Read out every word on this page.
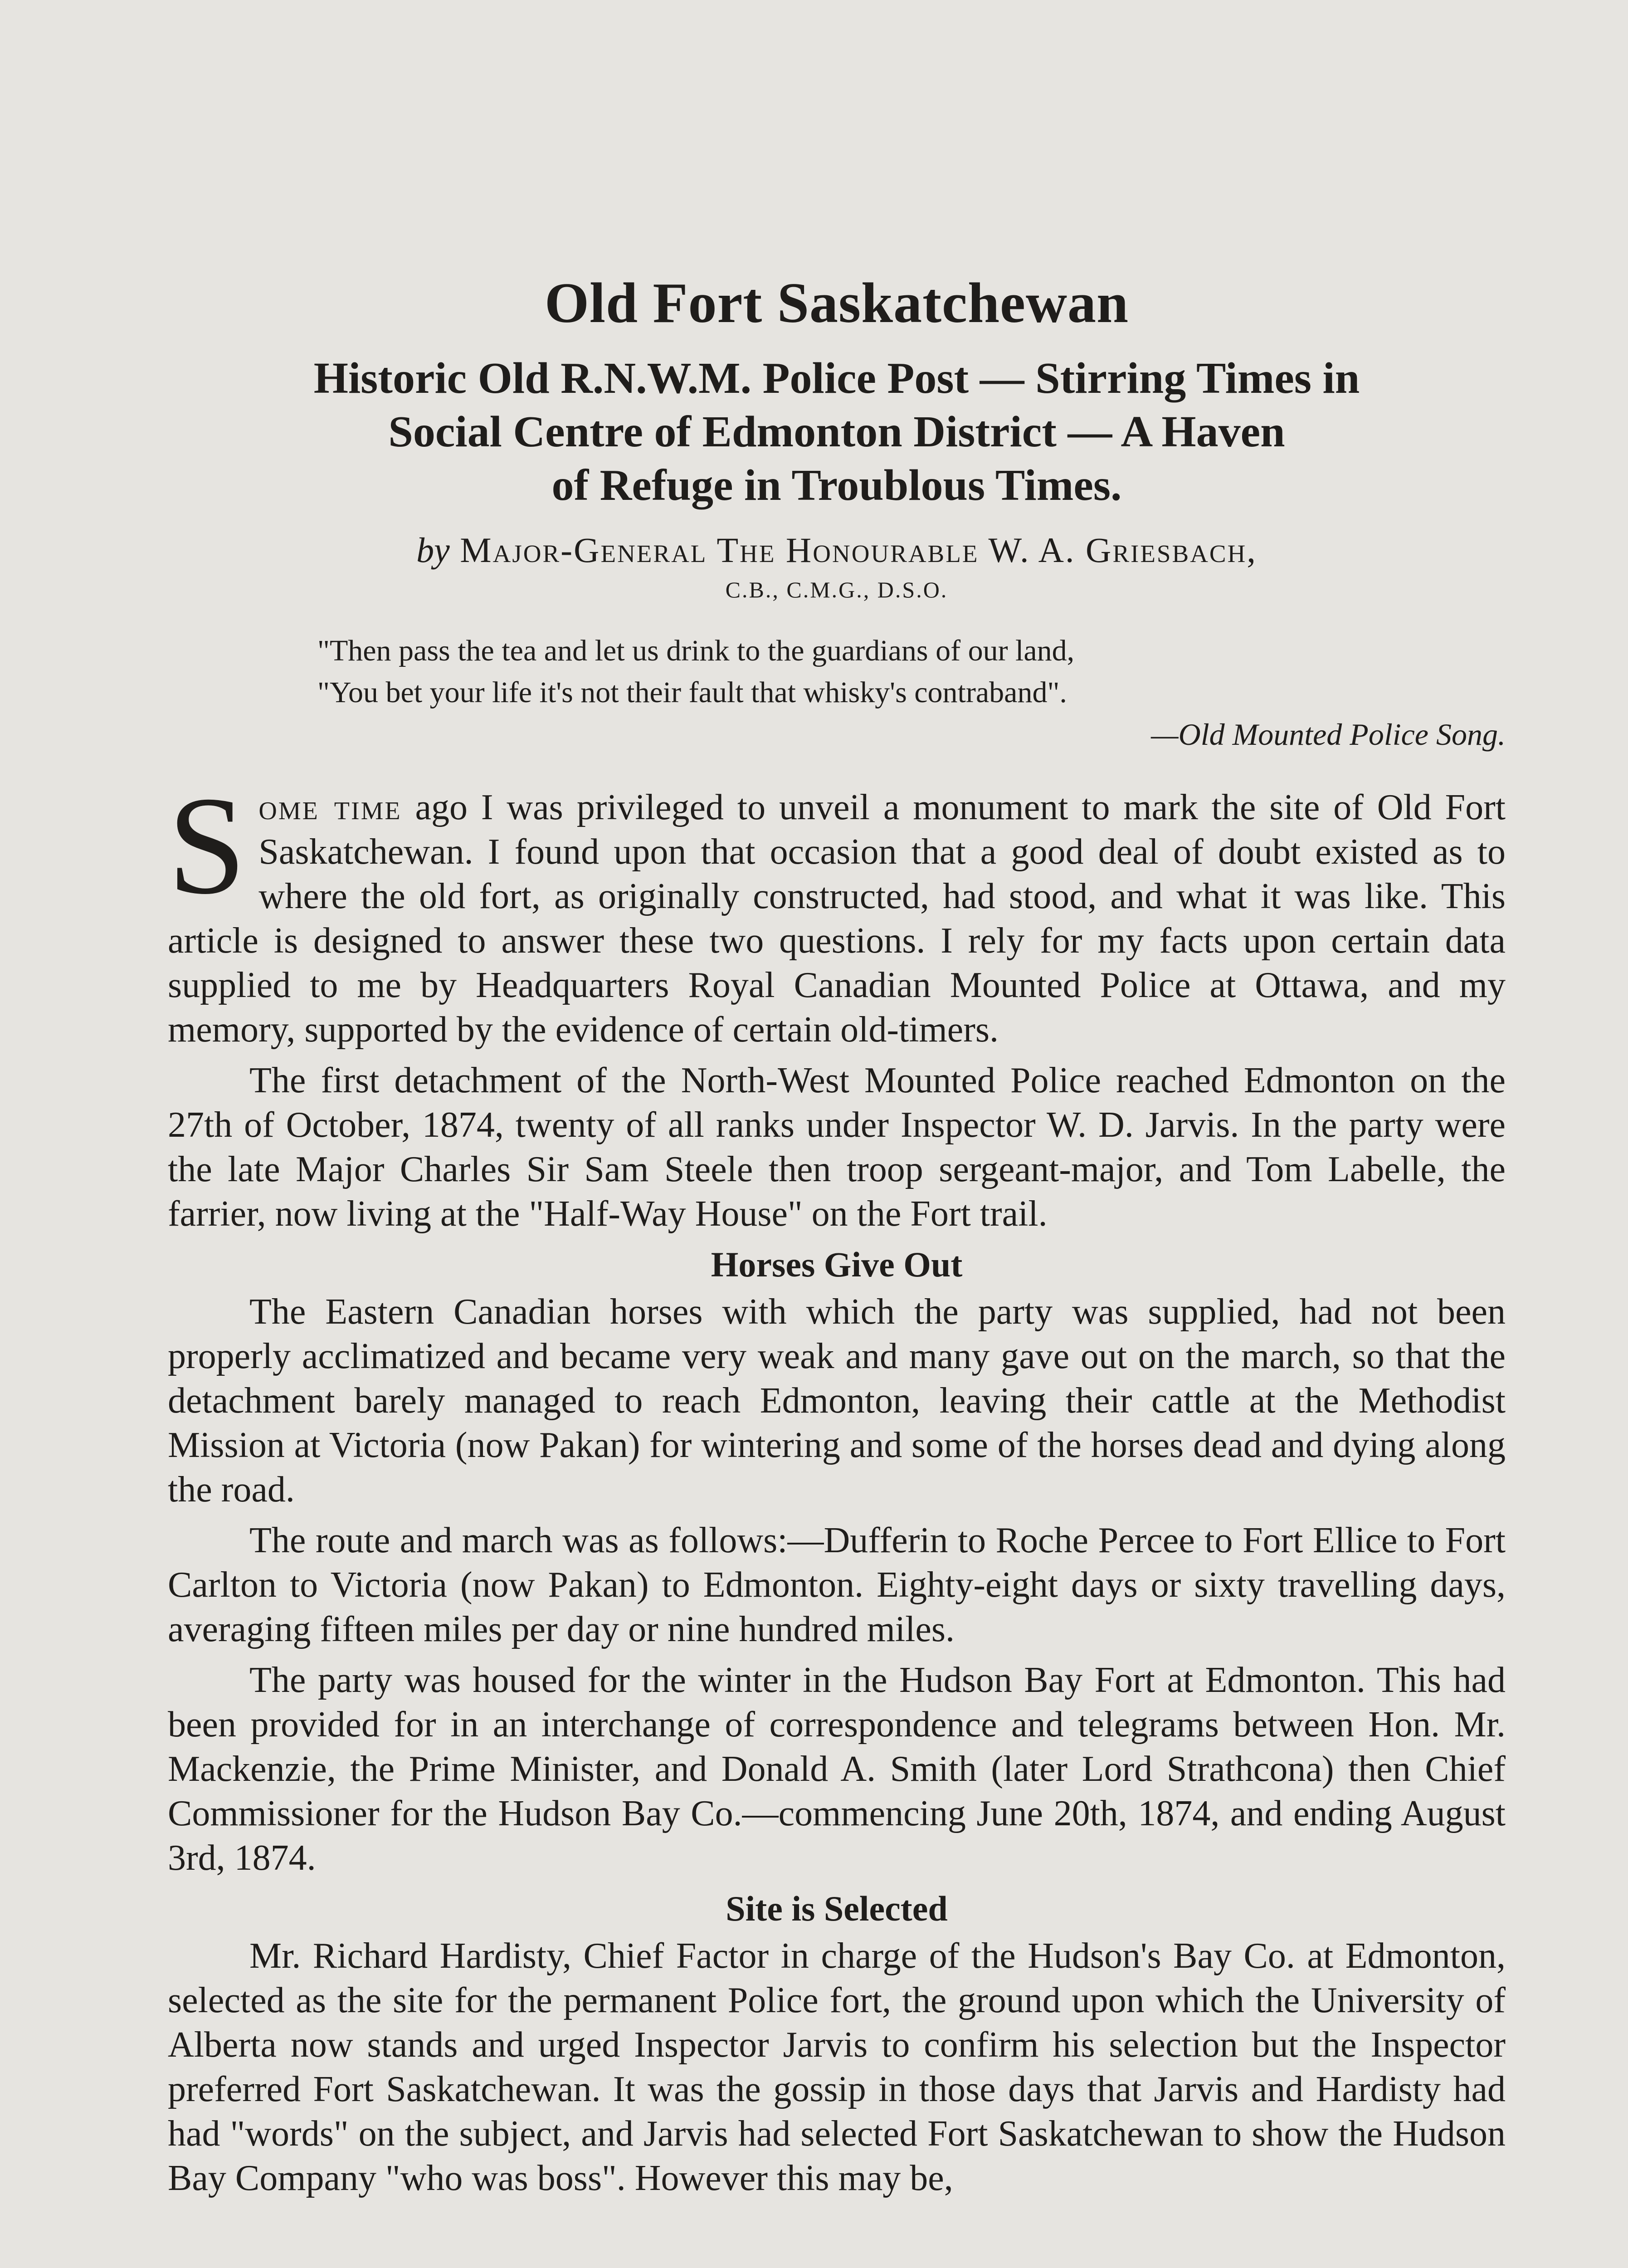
Old Fort Saskatchewan
Historic Old R.N.W.M. Police Post — Stirring Times in
Social Centre of Edmonton District — A Haven
of Refuge in Troublous Times.

by Major-General The Honourable W. A. Griesbach,

C.B., C.M.G., D.S.O.

"Then pass the tea and let us drink to the guardians of our land,

"You bet your life it's not their fault that whisky's contraband".

—Old Mounted Police Song.

Some time ago I was privileged to unveil a monument to mark the site of Old Fort Saskatchewan. I found upon that occasion that a good deal of doubt existed as to where the old fort, as originally constructed, had stood, and what it was like. This article is designed to answer these two questions. I rely for my facts upon certain data supplied to me by Headquarters Royal Canadian Mounted Police at Ottawa, and my memory, supported by the evidence of certain old-timers.

The first detachment of the North-West Mounted Police reached Edmonton on the 27th of October, 1874, twenty of all ranks under Inspector W. D. Jarvis. In the party were the late Major Charles Sir Sam Steele then troop sergeant-major, and Tom Labelle, the farrier, now living at the "Half-Way House" on the Fort trail.

Horses Give Out

The Eastern Canadian horses with which the party was supplied, had not been properly acclimatized and became very weak and many gave out on the march, so that the detachment barely managed to reach Edmonton, leaving their cattle at the Methodist Mission at Victoria (now Pakan) for wintering and some of the horses dead and dying along the road.

The route and march was as follows:—Dufferin to Roche Percee to Fort Ellice to Fort Carlton to Victoria (now Pakan) to Edmonton. Eighty-eight days or sixty travelling days, averaging fifteen miles per day or nine hundred miles.

The party was housed for the winter in the Hudson Bay Fort at Edmonton. This had been provided for in an interchange of correspondence and telegrams between Hon. Mr. Mackenzie, the Prime Minister, and Donald A. Smith (later Lord Strathcona) then Chief Commissioner for the Hudson Bay Co.—commencing June 20th, 1874, and ending August 3rd, 1874.

Site is Selected

Mr. Richard Hardisty, Chief Factor in charge of the Hudson's Bay Co. at Edmonton, selected as the site for the permanent Police fort, the ground upon which the University of Alberta now stands and urged Inspector Jarvis to confirm his selection but the Inspector preferred Fort Saskatchewan. It was the gossip in those days that Jarvis and Hardisty had had "words" on the subject, and Jarvis had selected Fort Saskatchewan to show the Hudson Bay Company "who was boss". However this may be,
